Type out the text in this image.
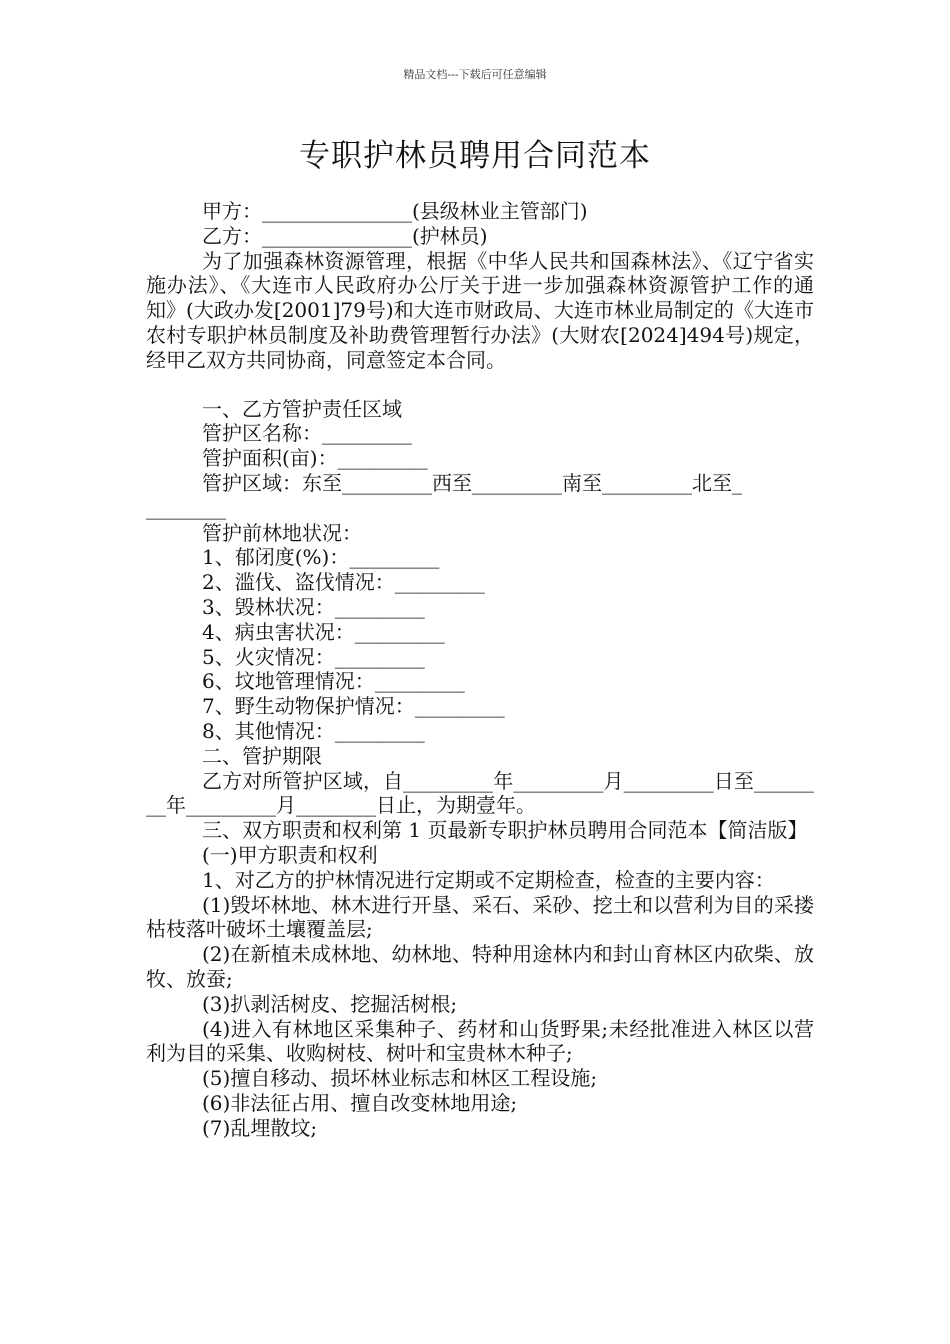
精品文档---下载后可任意编辑
专职护林员聘用合同范本
甲方：_______________(县级林业主管部门)
乙方：_______________(护林员)
为了加强森林资源管理，根据《中华人民共和国森林法》、《辽宁省实施办法》、《大连市人民政府办公厅关于进一步加强森林资源管护工作的通知》(大政办发[2001]79号)和大连市财政局、大连市林业局制定的《大连市农村专职护林员制度及补助费管理暂行办法》(大财农[2024]494号)规定，经甲乙双方共同协商，同意签定本合同。
一、乙方管护责任区域
管护区名称：_________
管护面积(亩)：_________
管护区域：东至_________西至_________南至_________北至_
________
管护前林地状况：
1、郁闭度(%)：_________
2、滥伐、盗伐情况：_________
3、毁林状况：_________
4、病虫害状况：_________
5、火灾情况：_________
6、坟地管理情况：_________
7、野生动物保护情况：_________
8、其他情况：_________
二、管护期限
乙方对所管护区域，自_________年_________月_________日至________年_________月________日止，为期壹年。
三、双方职责和权利第 1 页最新专职护林员聘用合同范本【简洁版】
(一)甲方职责和权利
1、对乙方的护林情况进行定期或不定期检查，检查的主要内容：
(1)毁坏林地、林木进行开垦、采石、采砂、挖土和以营利为目的采搂枯枝落叶破坏土壤覆盖层;
(2)在新植未成林地、幼林地、特种用途林内和封山育林区内砍柴、放牧、放蚕;
(3)扒剥活树皮、挖掘活树根;
(4)进入有林地区采集种子、药材和山货野果;未经批准进入林区以营利为目的采集、收购树枝、树叶和宝贵林木种子;
(5)擅自移动、损坏林业标志和林区工程设施;
(6)非法征占用、擅自改变林地用途;
(7)乱埋散坟;
